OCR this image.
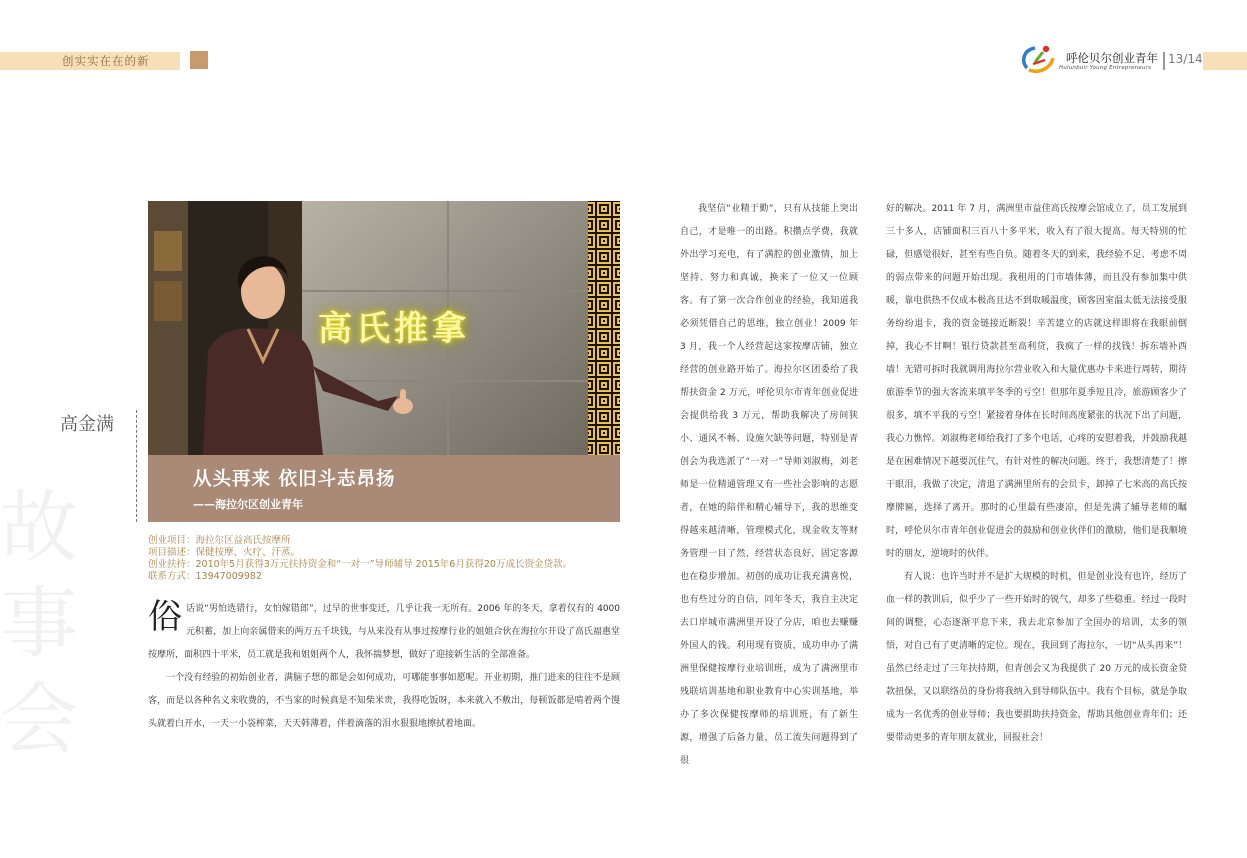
创实实在在的新	呼伦贝尔创业青年
Hulunbuir Young Entrepreneurs
13/14
高金满
故
事
会
高氏推拿
从头再来 依旧斗志昂扬
——海拉尔区创业青年
创业项目：海拉尔区益高氏按摩所
项目描述：保健按摩、火疗、汗蒸。
创业扶持：2010年5月获得3万元扶持资金和“一对一”导师辅导 2015年6月获得20万成长资金贷款。
联系方式：13947009982

俗话说“男怕选错行，女怕嫁错郎”，过早的世事变迁，几乎让我一无所有。2006 年的冬天，拿着仅有的 4000 元积蓄，加上向亲属借来的两万五千块钱，与从来没有从事过按摩行业的姐姐合伙在海拉尔开设了高氏福惠堂按摩所，面积四十平米，员工就是我和姐姐两个人，我怀揣梦想，做好了迎接新生活的全部准备。

一个没有经验的初始创业者，满脑子想的都是会如何成功，可哪能事事如愿呢。开业初期，推门进来的往往不是顾客，而是以各种名义来收费的，不当家的时候真是不知柴米贵，我得吃饭呀，本来就入不敷出，每顿饭都是啃着两个馒头就着白开水，一天一小袋榨菜，天天韩薄着，伴着滴落的泪水狠狠地擦拭着地面。

我坚信“业精于勤”，只有从技能上突出自己，才是唯一的出路。积攒点学费，我就外出学习充电，有了满腔的创业激情，加上坚持、努力和真诚，换来了一位又一位顾客。有了第一次合作创业的经验，我知道我必须凭借自己的思维，独立创业！2009 年 3 月，我一个人经营起这家按摩店铺，独立经营的创业路开始了。海拉尔区团委给了我帮扶资金 2 万元，呼伦贝尔市青年创业促进会提供给我 3 万元，帮助我解决了房间狭小、通风不畅、设施欠缺等问题，特别是青创会为我选派了“一对一”导师刘淑梅，刘老师是一位精通管理又有一些社会影响的志愿者，在她的陪伴和精心辅导下，我的思维变得越来越清晰，管理模式化，现金收支等财务管理一目了然，经营状态良好，固定客源也在稳步增加。初创的成功让我充满喜悦，也有些过分的自信，同年冬天，我自主决定去口岸城市满洲里开设了分店，咱也去赚赚外国人的钱。利用现有资质，成功申办了满洲里保健按摩行业培训班，成为了满洲里市残联培训基地和职业教育中心实训基地，举办了多次保健按摩师的培训班，有了新生源，增强了后备力量，员工流失问题得到了很

好的解决。2011 年 7 月，满洲里市益佳高氏按摩会馆成立了，员工发展到三十多人，店铺面积三百八十多平米，收入有了很大提高。每天特别的忙碌，但感觉很好，甚至有些自负。随着冬天的到来，我经验不足、考虑不周的弱点带来的问题开始出现。我租用的门市墙体薄，而且没有参加集中供暖，靠电供热不仅成本极高且达不到取暖温度，顾客因室温太低无法接受服务纷纷退卡，我的资金链接近断裂！辛苦建立的店就这样即将在我眼前倒掉，我心不甘啊！银行贷款甚至高利贷，我疯了一样的找钱！拆东墙补西墙！无错可拆时我就调用海拉尔营业收入和大量优惠办卡来进行周转，期待旅游季节的强大客流来填平冬季的亏空！但那年夏季短且冷，旅游顾客少了很多，填不平我的亏空！紧接着身体在长时间高度紧张的状况下出了问题，我心力憔悴。刘淑梅老师给我打了多个电话，心疼的安慰着我，并鼓励我越是在困难情况下越要沉住气，有针对性的解决问题。终于，我想清楚了！擦干眼泪，我做了决定，清退了满洲里所有的会员卡，卸掉了七米高的高氏按摩牌匾，选择了离开。那时的心里最有些凄凉，但是先满了辅导老师的瞩时，呼伦贝尔市青年创业促进会的鼓励和创业伙伴们的激励，他们是我顺境时的朋友，逆境时的伙伴。

有人说：也许当时并不是扩大规模的时机，但是创业没有也许，经历了血一样的教训后，似乎少了一些开始时的锐气，却多了些稳重。经过一段时间的调整，心态逐渐平息下来，我去北京参加了全国办的培训，太多的领悟，对自己有了更清晰的定位。现在，我回到了海拉尔，一切“从头再来”！虽然已经走过了三年扶持期，但青创会又为我提供了 20 万元的成长资金贷款扭保，又以联络员的身份将我纳入到导师队伍中。我有个目标，就是争取成为一名优秀的创业导师；我也要捐助扶持资金，帮助其他创业青年们；还要带动更多的青年朋友就业，回报社会！
